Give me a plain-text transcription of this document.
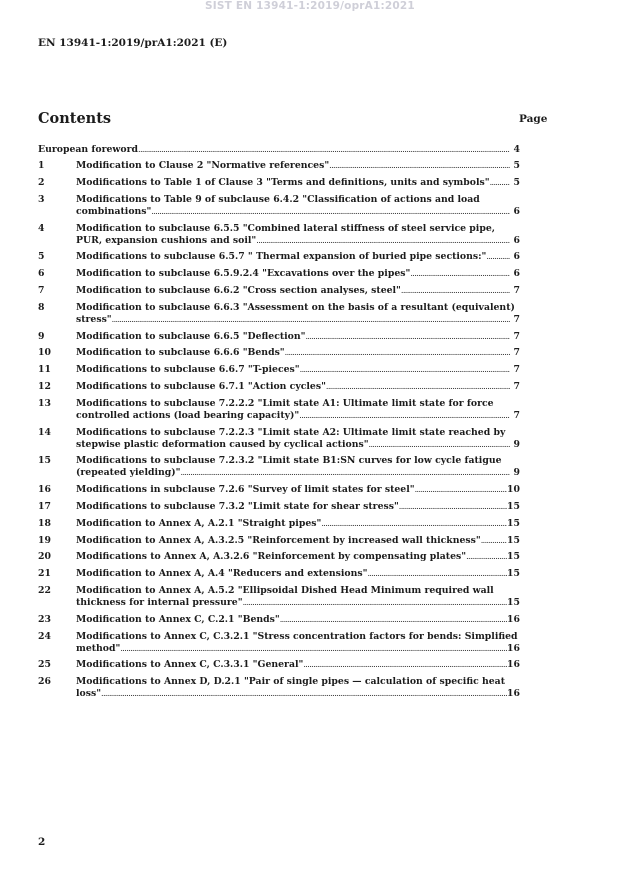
SIST EN 13941-1:2019/oprA1:2021
EN 13941-1:2019/prA1:2021 (E)
Contents	Page
European foreword .....	4
1	Modification to Clause 2 "Normative references" .....	5
2	Modifications to Table 1 of Clause 3 "Terms and definitions, units and symbols" .....	5
3	Modifications to Table 9 of subclause 6.4.2 "Classification of actions and load
combinations" .....	6
4	Modification to subclause 6.5.5 "Combined lateral stiffness of steel service pipe,
PUR, expansion cushions and soil" .....	6
5	Modifications to subclause 6.5.7 " Thermal expansion of buried pipe sections:" .....	6
6	Modification to subclause 6.5.9.2.4 "Excavations over the pipes" .....	6
7	Modification to subclause 6.6.2 "Cross section analyses, steel" .....	7
8	Modification to subclause 6.6.3 "Assessment on the basis of a resultant (equivalent)
stress" .....	7
9	Modification to subclause 6.6.5 "Deflection" .....	7
10	Modification to subclause 6.6.6 "Bends" .....	7
11	Modifications to subclause 6.6.7 "T-pieces" .....	7
12	Modifications to subclause 6.7.1 "Action cycles" .....	7
13	Modifications to subclause 7.2.2.2 "Limit state A1: Ultimate limit state for force
controlled actions (load bearing capacity)" .....	7
14	Modifications to subclause 7.2.2.3 "Limit state A2: Ultimate limit state reached by
stepwise plastic deformation caused by cyclical actions" .....	9
15	Modifications to subclause 7.2.3.2 "Limit state B1:SN curves for low cycle fatigue
(repeated yielding)" .....	9
16	Modifications in subclause 7.2.6 "Survey of limit states for steel" .....	10
17	Modifications to subclause 7.3.2 "Limit state for shear stress" .....	15
18	Modification to Annex A, A.2.1 "Straight pipes" .....	15
19	Modification to Annex A, A.3.2.5 "Reinforcement by increased wall thickness" .....	15
20	Modifications to Annex A, A.3.2.6 "Reinforcement by compensating plates" .....	15
21	Modification to Annex A, A.4 "Reducers and extensions" .....	15
22	Modification to Annex A, A.5.2 "Ellipsoidal Dished Head Minimum required wall
thickness for internal pressure" .....	15
23	Modification to Annex C, C.2.1 "Bends" .....	16
24	Modifications to Annex C, C.3.2.1 "Stress concentration factors for bends: Simplified
method" .....	16
25	Modifications to Annex C, C.3.3.1 "General" .....	16
26	Modifications to Annex D, D.2.1 "Pair of single pipes — calculation of specific heat
loss" .....	16
2
